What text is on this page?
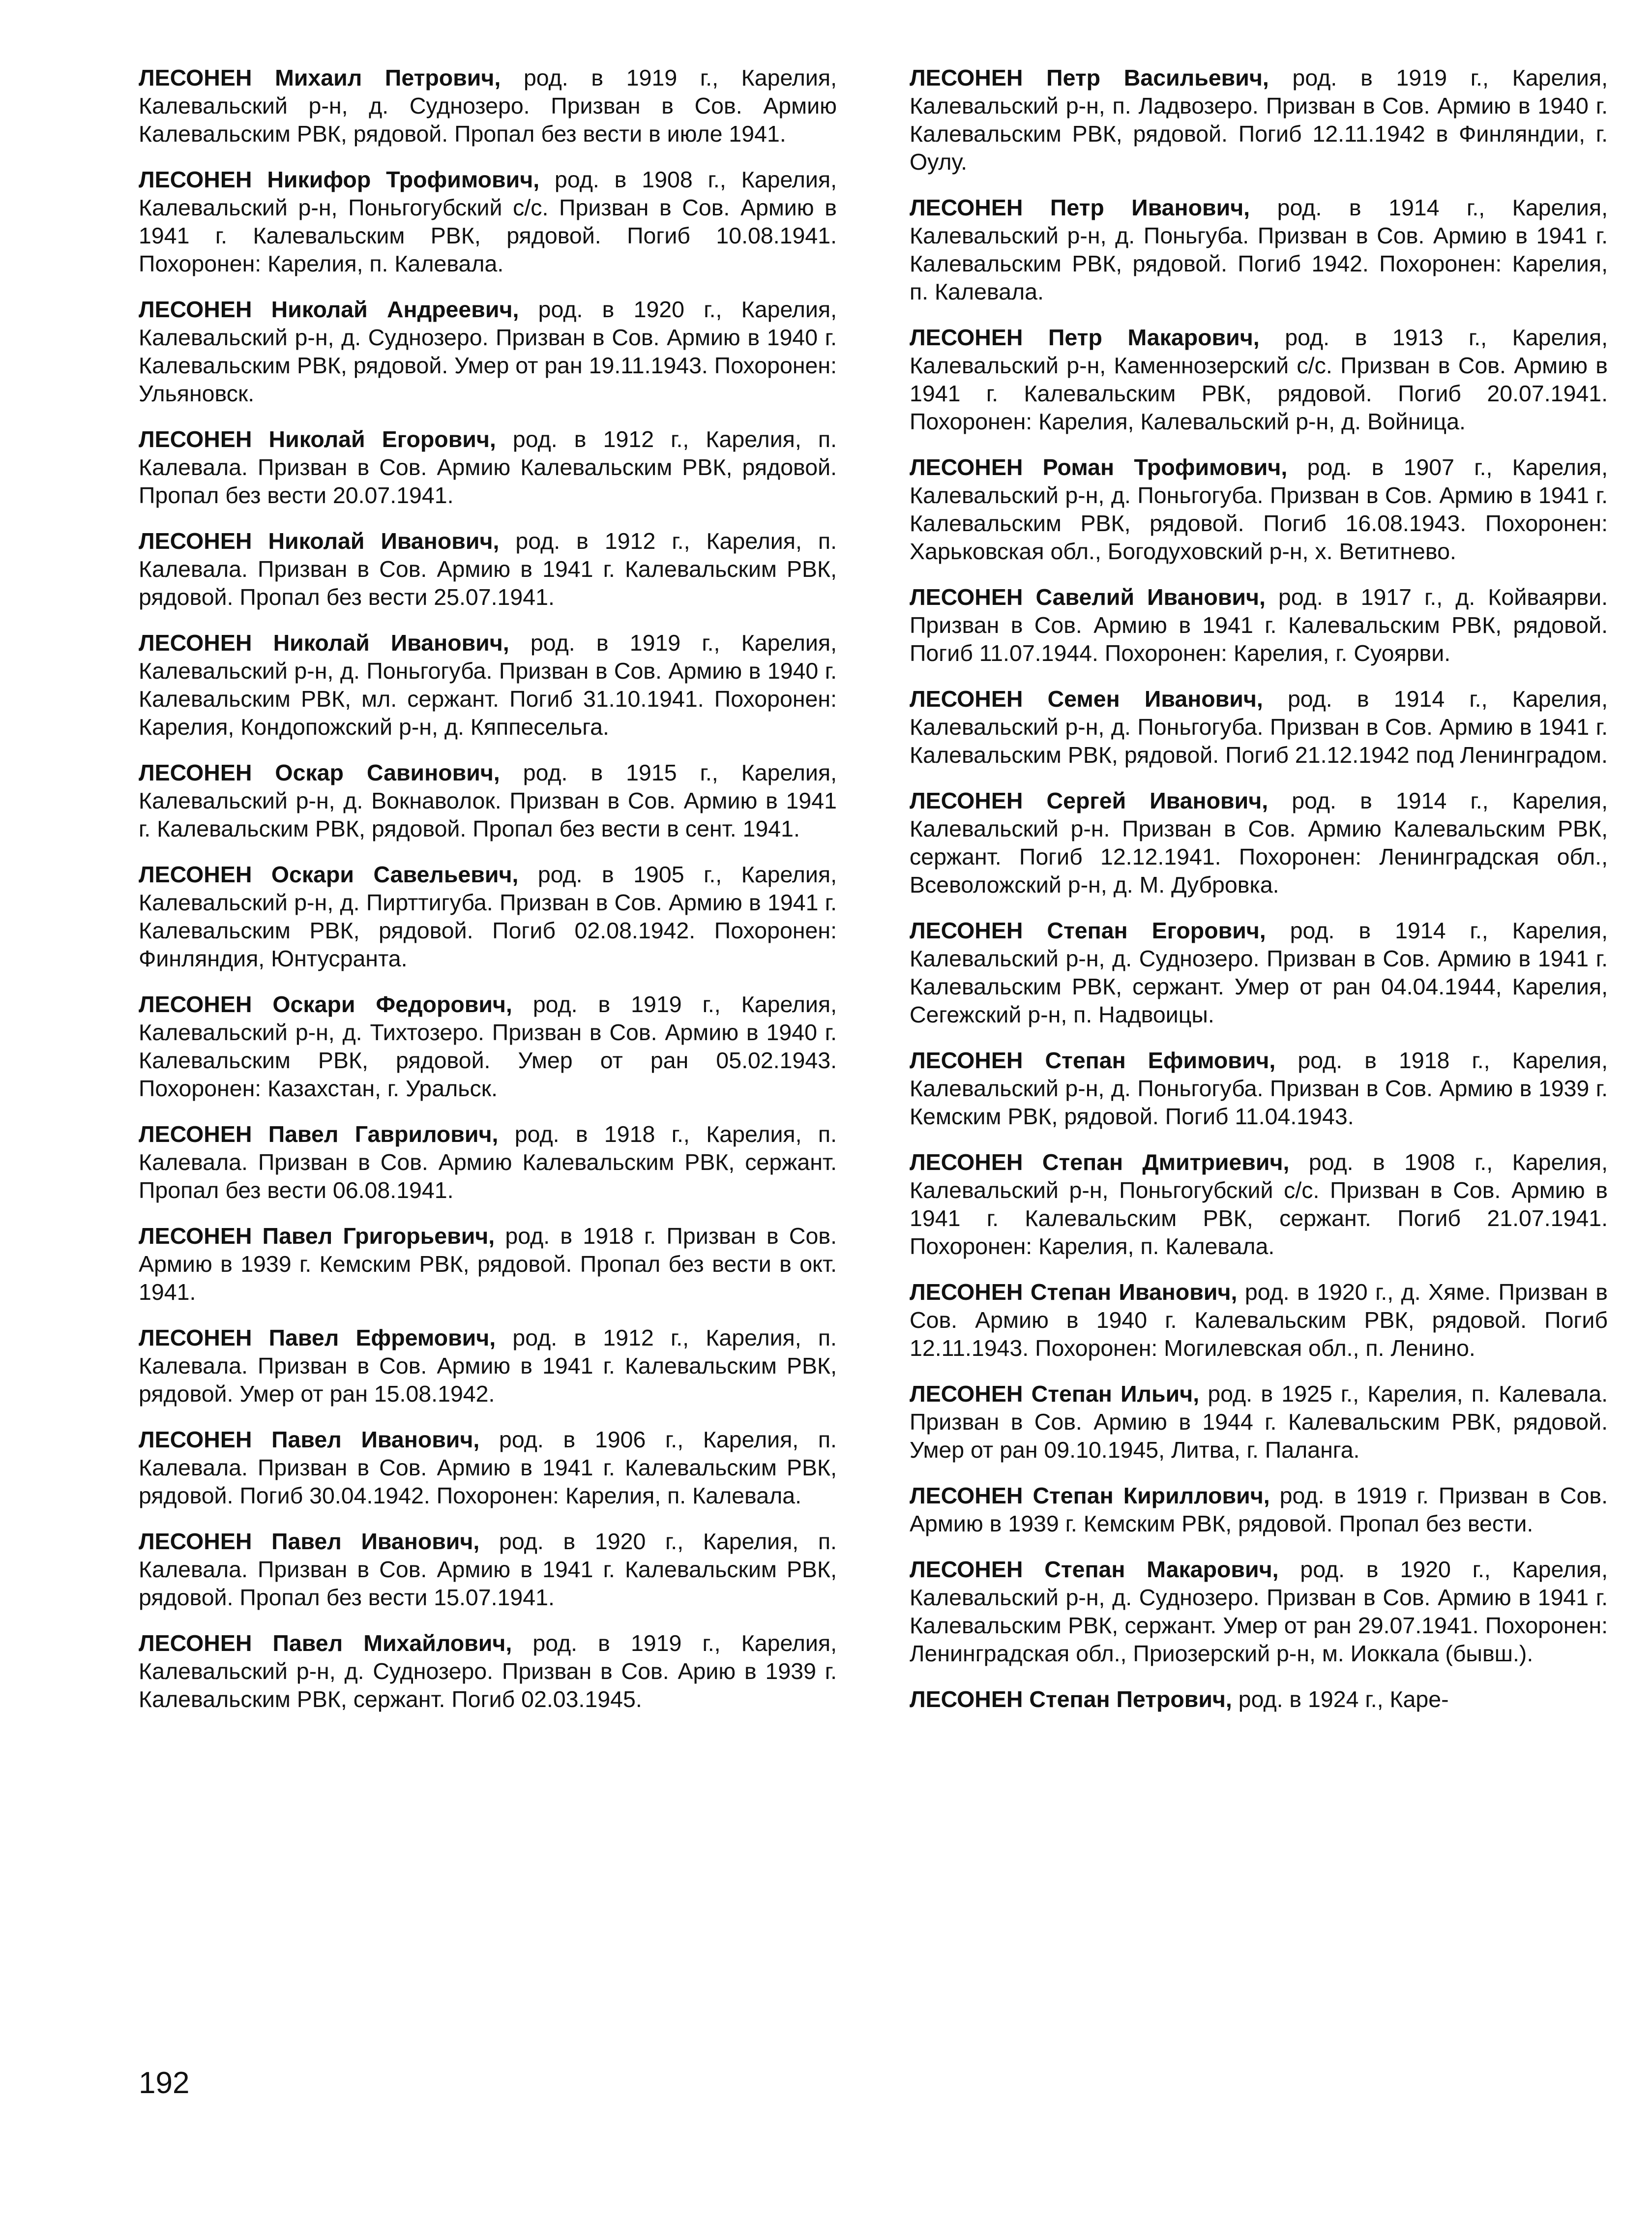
ЛЕСОНЕН Михаил Петрович, род. в 1919 г., Карелия, Калевальский р-н, д. Суднозеро. Призван в Сов. Армию Калевальским РВК, рядовой. Пропал без вести в июле 1941.

ЛЕСОНЕН Никифор Трофимович, род. в 1908 г., Карелия, Калевальский р-н, Поньгогубский с/с. Призван в Сов. Армию в 1941 г. Калевальским РВК, рядовой. Погиб 10.08.1941. Похоронен: Карелия, п. Калевала.

ЛЕСОНЕН Николай Андреевич, род. в 1920 г., Карелия, Калевальский р-н, д. Суднозеро. Призван в Сов. Армию в 1940 г. Калевальским РВК, рядовой. Умер от ран 19.11.1943. Похоронен: Ульяновск.

ЛЕСОНЕН Николай Егорович, род. в 1912 г., Карелия, п. Калевала. Призван в Сов. Армию Калевальским РВК, рядовой. Пропал без вести 20.07.1941.

ЛЕСОНЕН Николай Иванович, род. в 1912 г., Карелия, п. Калевала. Призван в Сов. Армию в 1941 г. Калевальским РВК, рядовой. Пропал без вести 25.07.1941.

ЛЕСОНЕН Николай Иванович, род. в 1919 г., Карелия, Калевальский р-н, д. Поньгогуба. Призван в Сов. Армию в 1940 г. Калевальским РВК, мл. сержант. Погиб 31.10.1941. Похоронен: Карелия, Кондопожский р-н, д. Кяппесельга.

ЛЕСОНЕН Оскар Савинович, род. в 1915 г., Карелия, Калевальский р-н, д. Вокнаволок. Призван в Сов. Армию в 1941 г. Калевальским РВК, рядовой. Пропал без вести в сент. 1941.

ЛЕСОНЕН Оскари Савельевич, род. в 1905 г., Карелия, Калевальский р-н, д. Пирттигуба. Призван в Сов. Армию в 1941 г. Калевальским РВК, рядовой. Погиб 02.08.1942. Похоронен: Финляндия, Юнтусранта.

ЛЕСОНЕН Оскари Федорович, род. в 1919 г., Карелия, Калевальский р-н, д. Тихтозеро. Призван в Сов. Армию в 1940 г. Калевальским РВК, рядовой. Умер от ран 05.02.1943. Похоронен: Казахстан, г. Уральск.

ЛЕСОНЕН Павел Гаврилович, род. в 1918 г., Карелия, п. Калевала. Призван в Сов. Армию Калевальским РВК, сержант. Пропал без вести 06.08.1941.

ЛЕСОНЕН Павел Григорьевич, род. в 1918 г. Призван в Сов. Армию в 1939 г. Кемским РВК, рядовой. Пропал без вести в окт. 1941.

ЛЕСОНЕН Павел Ефремович, род. в 1912 г., Карелия, п. Калевала. Призван в Сов. Армию в 1941 г. Калевальским РВК, рядовой. Умер от ран 15.08.1942.

ЛЕСОНЕН Павел Иванович, род. в 1906 г., Карелия, п. Калевала. Призван в Сов. Армию в 1941 г. Калевальским РВК, рядовой. Погиб 30.04.1942. Похоронен: Карелия, п. Калевала.

ЛЕСОНЕН Павел Иванович, род. в 1920 г., Карелия, п. Калевала. Призван в Сов. Армию в 1941 г. Калевальским РВК, рядовой. Пропал без вести 15.07.1941.

ЛЕСОНЕН Павел Михайлович, род. в 1919 г., Карелия, Калевальский р-н, д. Суднозеро. Призван в Сов. Арию в 1939 г. Калевальским РВК, сержант. Погиб 02.03.1945.

ЛЕСОНЕН Петр Васильевич, род. в 1919 г., Карелия, Калевальский р-н, п. Ладвозеро. Призван в Сов. Армию в 1940 г. Калевальским РВК, рядовой. Погиб 12.11.1942 в Финляндии, г. Оулу.

ЛЕСОНЕН Петр Иванович, род. в 1914 г., Карелия, Калевальский р-н, д. Поньгуба. Призван в Сов. Армию в 1941 г. Калевальским РВК, рядовой. Погиб 1942. Похоронен: Карелия, п. Калевала.

ЛЕСОНЕН Петр Макарович, род. в 1913 г., Карелия, Калевальский р-н, Каменнозерский с/с. Призван в Сов. Армию в 1941 г. Калевальским РВК, рядовой. Погиб 20.07.1941. Похоронен: Карелия, Калевальский р-н, д. Войница.

ЛЕСОНЕН Роман Трофимович, род. в 1907 г., Карелия, Калевальский р-н, д. Поньгогуба. Призван в Сов. Армию в 1941 г. Калевальским РВК, рядовой. Погиб 16.08.1943. Похоронен: Харьковская обл., Богодуховский р-н, х. Ветитнево.

ЛЕСОНЕН Савелий Иванович, род. в 1917 г., д. Койваярви. Призван в Сов. Армию в 1941 г. Калевальским РВК, рядовой. Погиб 11.07.1944. Похоронен: Карелия, г. Суоярви.

ЛЕСОНЕН Семен Иванович, род. в 1914 г., Карелия, Калевальский р-н, д. Поньгогуба. Призван в Сов. Армию в 1941 г. Калевальским РВК, рядовой. Погиб 21.12.1942 под Ленинградом.

ЛЕСОНЕН Сергей Иванович, род. в 1914 г., Карелия, Калевальский р-н. Призван в Сов. Армию Калевальским РВК, сержант. Погиб 12.12.1941. Похоронен: Ленинградская обл., Всеволожский р-н, д. М. Дубровка.

ЛЕСОНЕН Степан Егорович, род. в 1914 г., Карелия, Калевальский р-н, д. Суднозеро. Призван в Сов. Армию в 1941 г. Калевальским РВК, сержант. Умер от ран 04.04.1944, Карелия, Сегежский р-н, п. Надвоицы.

ЛЕСОНЕН Степан Ефимович, род. в 1918 г., Карелия, Калевальский р-н, д. Поньгогуба. Призван в Сов. Армию в 1939 г. Кемским РВК, рядовой. Погиб 11.04.1943.

ЛЕСОНЕН Степан Дмитриевич, род. в 1908 г., Карелия, Калевальский р-н, Поньгогубский с/с. Призван в Сов. Армию в 1941 г. Калевальским РВК, сержант. Погиб 21.07.1941. Похоронен: Карелия, п. Калевала.

ЛЕСОНЕН Степан Иванович, род. в 1920 г., д. Хяме. Призван в Сов. Армию в 1940 г. Калевальским РВК, рядовой. Погиб 12.11.1943. Похоронен: Могилевская обл., п. Ленино.

ЛЕСОНЕН Степан Ильич, род. в 1925 г., Карелия, п. Калевала. Призван в Сов. Армию в 1944 г. Калевальским РВК, рядовой. Умер от ран 09.10.1945, Литва, г. Паланга.

ЛЕСОНЕН Степан Кириллович, род. в 1919 г. Призван в Сов. Армию в 1939 г. Кемским РВК, рядовой. Пропал без вести.

ЛЕСОНЕН Степан Макарович, род. в 1920 г., Карелия, Калевальский р-н, д. Суднозеро. Призван в Сов. Армию в 1941 г. Калевальским РВК, сержант. Умер от ран 29.07.1941. Похоронен: Ленинградская обл., Приозерский р-н, м. Иоккала (бывш.).

ЛЕСОНЕН Степан Петрович, род. в 1924 г., Каре-

192
